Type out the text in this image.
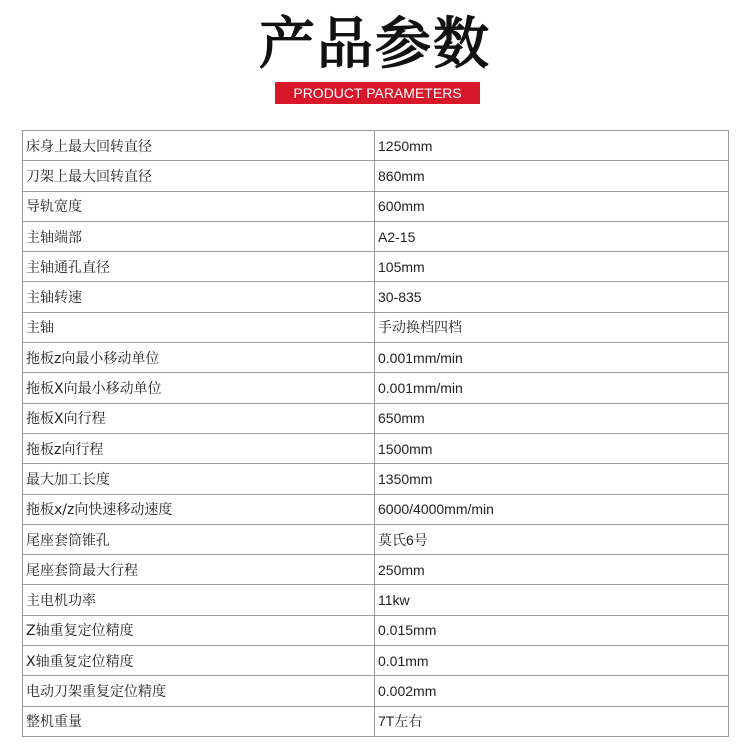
产品参数
PRODUCT PARAMETERS
床身上最大回转直径	1250mm
刀架上最大回转直径	860mm
导轨宽度	600mm
主轴端部	A2-15
主轴通孔直径	105mm
主轴转速	30-835
主轴	手动换档四档
拖板z向最小移动单位	0.001mm/min
拖板X向最小移动单位	0.001mm/min
拖板X向行程	650mm
拖板z向行程	1500mm
最大加工长度	1350mm
拖板x/z向快速移动速度	6000/4000mm/min
尾座套筒锥孔	莫氏6号
尾座套筒最大行程	250mm
主电机功率	11kw
Z轴重复定位精度	0.015mm
X轴重复定位精度	0.01mm
电动刀架重复定位精度	0.002mm
整机重量	7T左右
